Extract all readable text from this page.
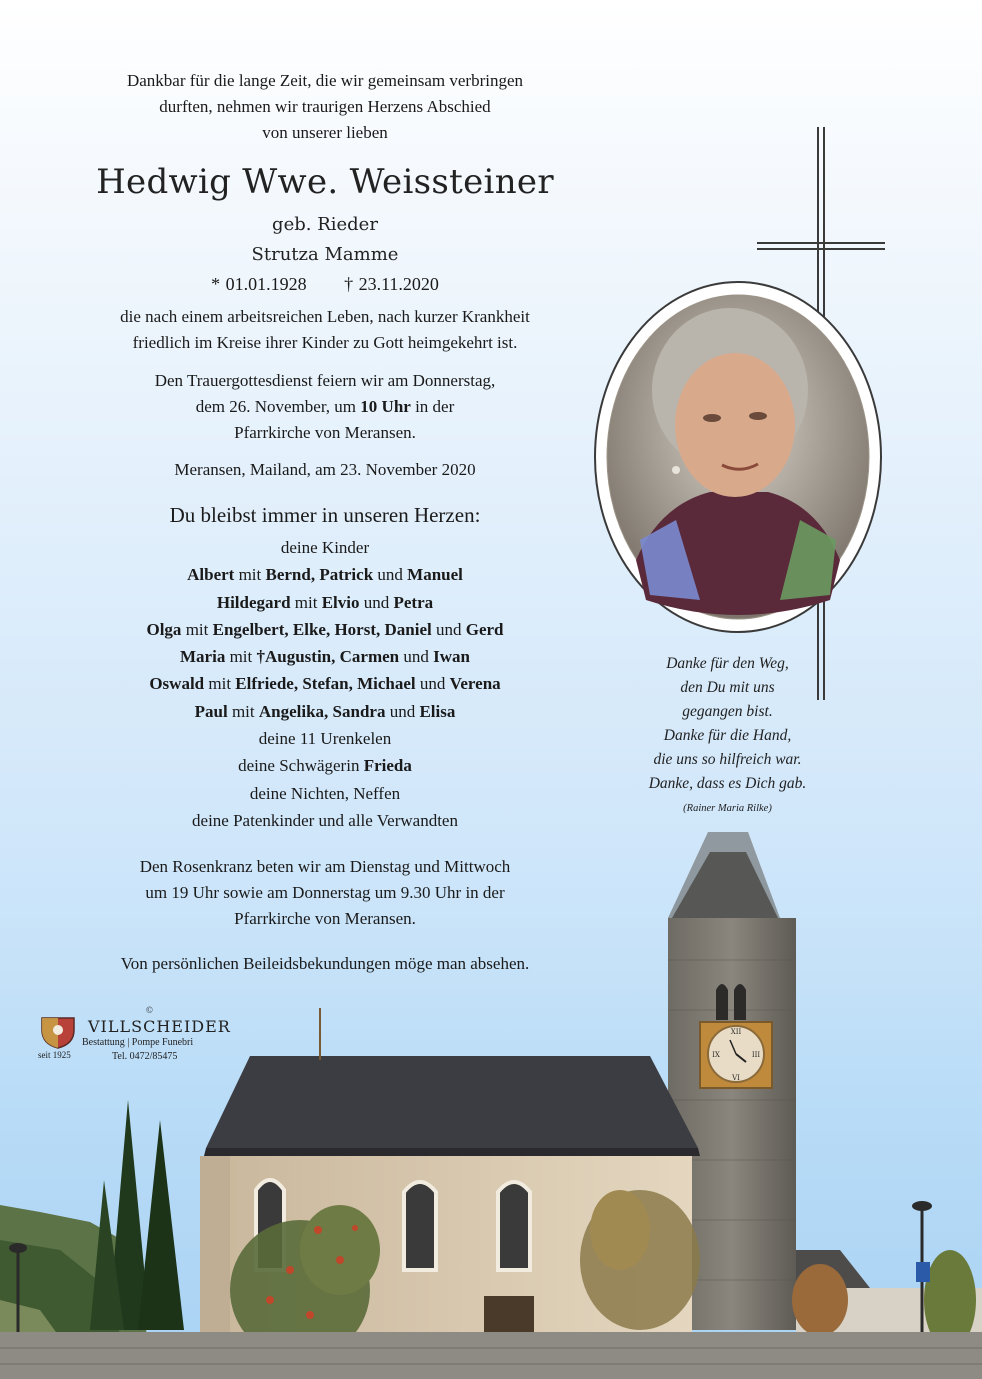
XII
III
VI
IX
Dankbar für die lange Zeit, die wir gemeinsam verbringen
durften, nehmen wir traurigen Herzens Abschied
von unserer lieben
Hedwig Wwe. Weissteiner
geb. Rieder
Strutza Mamme
* 01.01.1928 † 23.11.2020
die nach einem arbeitsreichen Leben, nach kurzer Krankheit
friedlich im Kreise ihrer Kinder zu Gott heimgekehrt ist.
Den Trauergottesdienst feiern wir am Donnerstag,
dem 26. November, um 10 Uhr in der
Pfarrkirche von Meransen.
Meransen, Mailand, am 23. November 2020
Du bleibst immer in unseren Herzen:
deine Kinder
Albert mit Bernd, Patrick und Manuel
Hildegard mit Elvio und Petra
Olga mit Engelbert, Elke, Horst, Daniel und Gerd
Maria mit †Augustin, Carmen und Iwan
Oswald mit Elfriede, Stefan, Michael und Verena
Paul mit Angelika, Sandra und Elisa
deine 11 Urenkelen
deine Schwägerin Frieda
deine Nichten, Neffen
deine Patenkinder und alle Verwandten
Den Rosenkranz beten wir am Dienstag und Mittwoch
um 19 Uhr sowie am Donnerstag um 9.30 Uhr in der
Pfarrkirche von Meransen.
Von persönlichen Beileidsbekundungen möge man absehen.
Danke für den Weg,
den Du mit uns
gegangen bist.
Danke für die Hand,
die uns so hilfreich war.
Danke, dass es Dich gab.
(Rainer Maria Rilke)
©
VILLSCHEIDER
Bestattung | Pompe Funebri
Tel. 0472/85475
seit 1925
